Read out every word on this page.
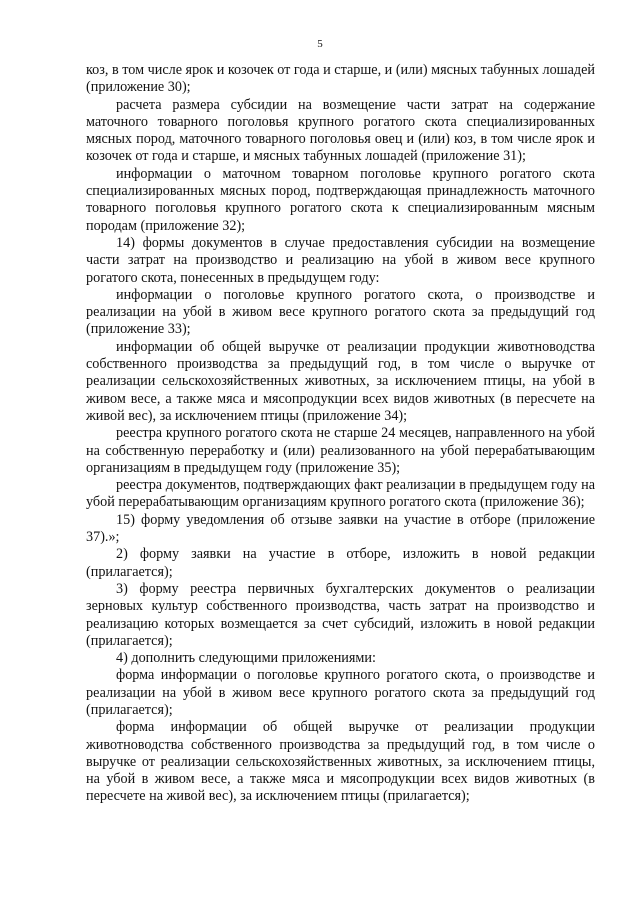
5

коз, в том числе ярок и козочек от года и старше, и (или) мясных табунных лошадей (приложение 30);

расчета размера субсидии на возмещение части затрат на содержание маточного товарного поголовья крупного рогатого скота специализированных мясных пород, маточного товарного поголовья овец и (или) коз, в том числе ярок и козочек от года и старше, и мясных табунных лошадей (приложение 31);

информации о маточном товарном поголовье крупного рогатого скота специализированных мясных пород, подтверждающая принадлежность маточного товарного поголовья крупного рогатого скота к специализированным мясным породам (приложение 32);

14) формы документов в случае предоставления субсидии на возмещение части затрат на производство и реализацию на убой в живом весе крупного рогатого скота, понесенных в предыдущем году:

информации о поголовье крупного рогатого скота, о производстве и реализации на убой в живом весе крупного рогатого скота за предыдущий год (приложение 33);

информации об общей выручке от реализации продукции животноводства собственного производства за предыдущий год, в том числе о выручке от реализации сельскохозяйственных животных, за исключением птицы, на убой в живом весе, а также мяса и мясопродукции всех видов животных (в пересчете на живой вес), за исключением птицы (приложение 34);

реестра крупного рогатого скота не старше 24 месяцев, направленного на убой на собственную переработку и (или) реализованного на убой перерабатывающим организациям в предыдущем году (приложение 35);

реестра документов, подтверждающих факт реализации в предыдущем году на убой перерабатывающим организациям крупного рогатого скота (приложение 36);

15) форму уведомления об отзыве заявки на участие в отборе (приложение 37).»;

2) форму заявки на участие в отборе, изложить в новой редакции (прилагается);

3) форму реестра первичных бухгалтерских документов о реализации зерновых культур собственного производства, часть затрат на производство и реализацию которых возмещается за счет субсидий, изложить в новой редакции (прилагается);

4) дополнить следующими приложениями:

форма информации о поголовье крупного рогатого скота, о производстве и реализации на убой в живом весе крупного рогатого скота за предыдущий год (прилагается);

форма информации об общей выручке от реализации продукции животноводства собственного производства за предыдущий год, в том числе о выручке от реализации сельскохозяйственных животных, за исключением птицы, на убой в живом весе, а также мяса и мясопродукции всех видов животных (в пересчете на живой вес), за исключением птицы (прилагается);
